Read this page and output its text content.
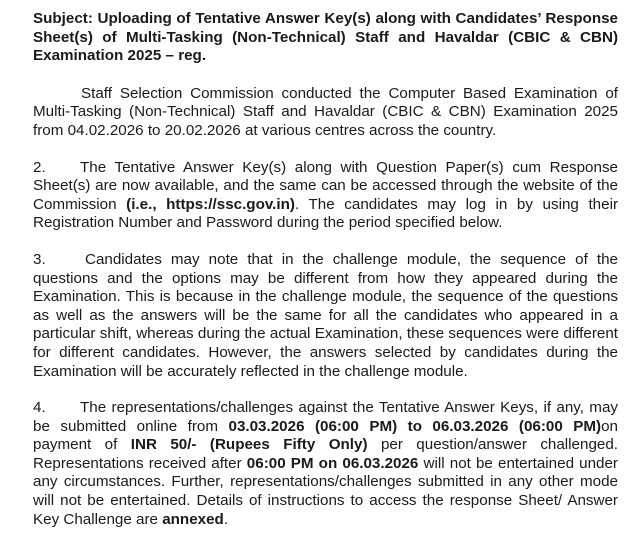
Subject: Uploading of Tentative Answer Key(s) along with Candidates’ Response Sheet(s) of Multi-Tasking (Non-Technical) Staff and Havaldar (CBIC & CBN) Examination 2025 – reg.
Staff Selection Commission conducted the Computer Based Examination of Multi-Tasking (Non-Technical) Staff and Havaldar (CBIC & CBN) Examination 2025 from 04.02.2026 to 20.02.2026 at various centres across the country.
2. The Tentative Answer Key(s) along with Question Paper(s) cum Response Sheet(s) are now available, and the same can be accessed through the website of the Commission (i.e., https://ssc.gov.in). The candidates may log in by using their Registration Number and Password during the period specified below.
3.	Candidates may note that in the challenge module, the sequence of the questions and the options may be different from how they appeared during the Examination. This is because in the challenge module, the sequence of the questions as well as the answers will be the same for all the candidates who appeared in a particular shift, whereas during the actual Examination, these sequences were different for different candidates. However, the answers selected by candidates during the Examination will be accurately reflected in the challenge module.
4. The representations/challenges against the Tentative Answer Keys, if any, may be submitted online from 03.03.2026 (06:00 PM) to 06.03.2026 (06:00 PM)on payment of INR 50/- (Rupees Fifty Only) per question/answer challenged. Representations received after 06:00 PM on 06.03.2026 will not be entertained under any circumstances. Further, representations/challenges submitted in any other mode will not be entertained. Details of instructions to access the response Sheet/ Answer Key Challenge are annexed.
